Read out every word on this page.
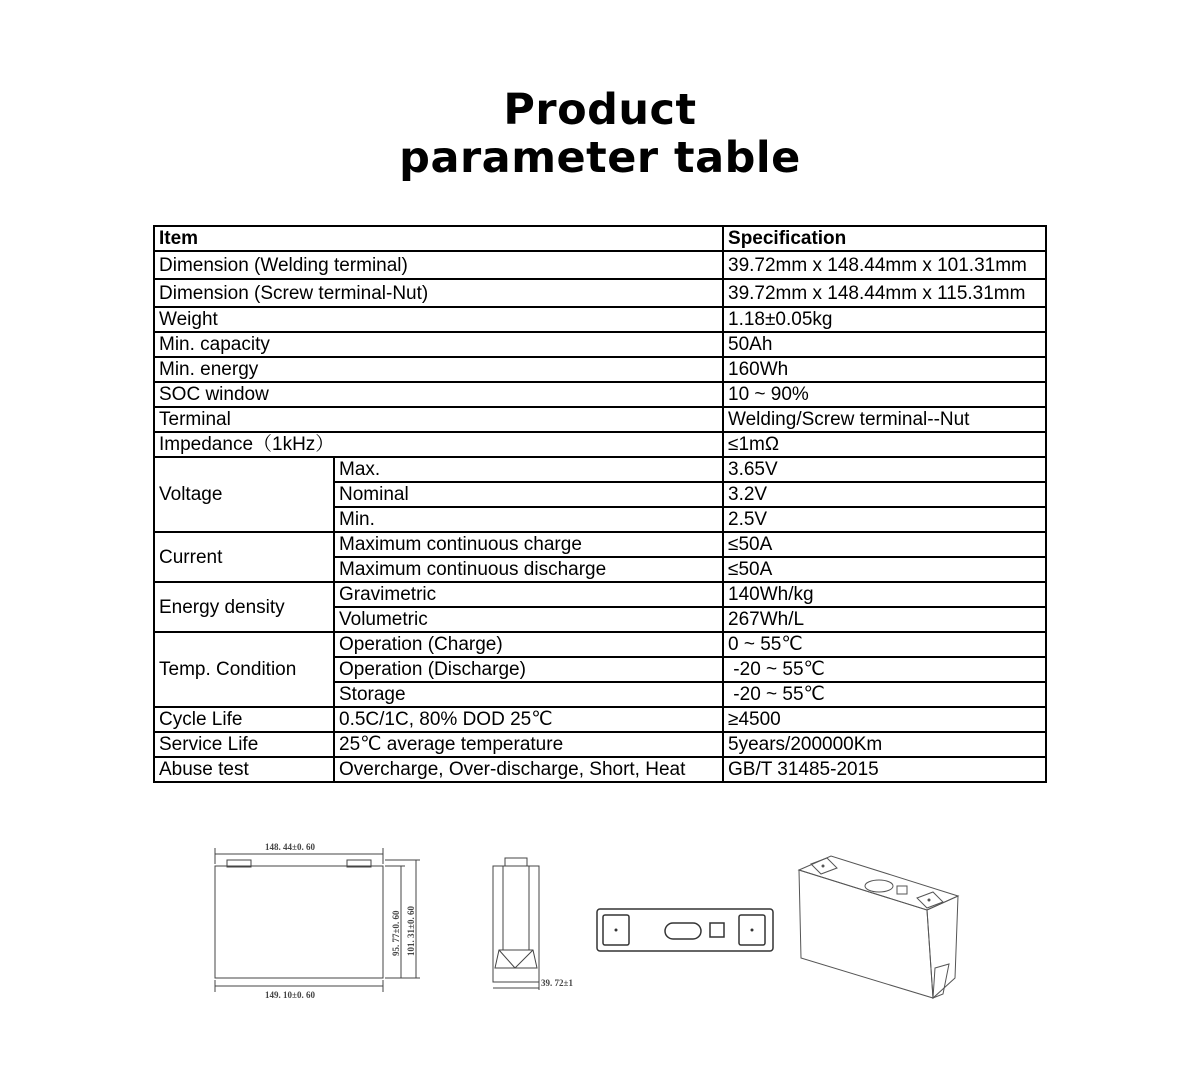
Product
parameter table
Item		Specification
Dimension (Welding terminal)		39.72mm x 148.44mm x 101.31mm
Dimension (Screw terminal-Nut)		39.72mm x 148.44mm x 115.31mm
Weight		1.18±0.05kg
Min. capacity		50Ah
Min. energy		160Wh
SOC window		10 ~ 90%
Terminal		Welding/Screw terminal--Nut
Impedance（1kHz）		≤1mΩ
Voltage	Max.	3.65V
	Nominal	3.2V
	Min.	2.5V
Current	Maximum continuous charge	≤50A
	Maximum continuous discharge	≤50A
Energy density	Gravimetric	140Wh/kg
	Volumetric	267Wh/L
Temp. Condition	Operation (Charge)	0 ~ 55℃
	Operation (Discharge)	-20 ~ 55℃
	Storage	-20 ~ 55℃
Cycle Life	0.5C/1C, 80% DOD 25℃	≥4500
Service Life	25℃ average temperature	5years/200000Km
Abuse test	Overcharge, Over-discharge, Short, Heat	GB/T 31485-2015
148. 44±0. 60
149. 10±0. 60
95. 77±0. 60 101. 31±0. 60
39. 72±1
